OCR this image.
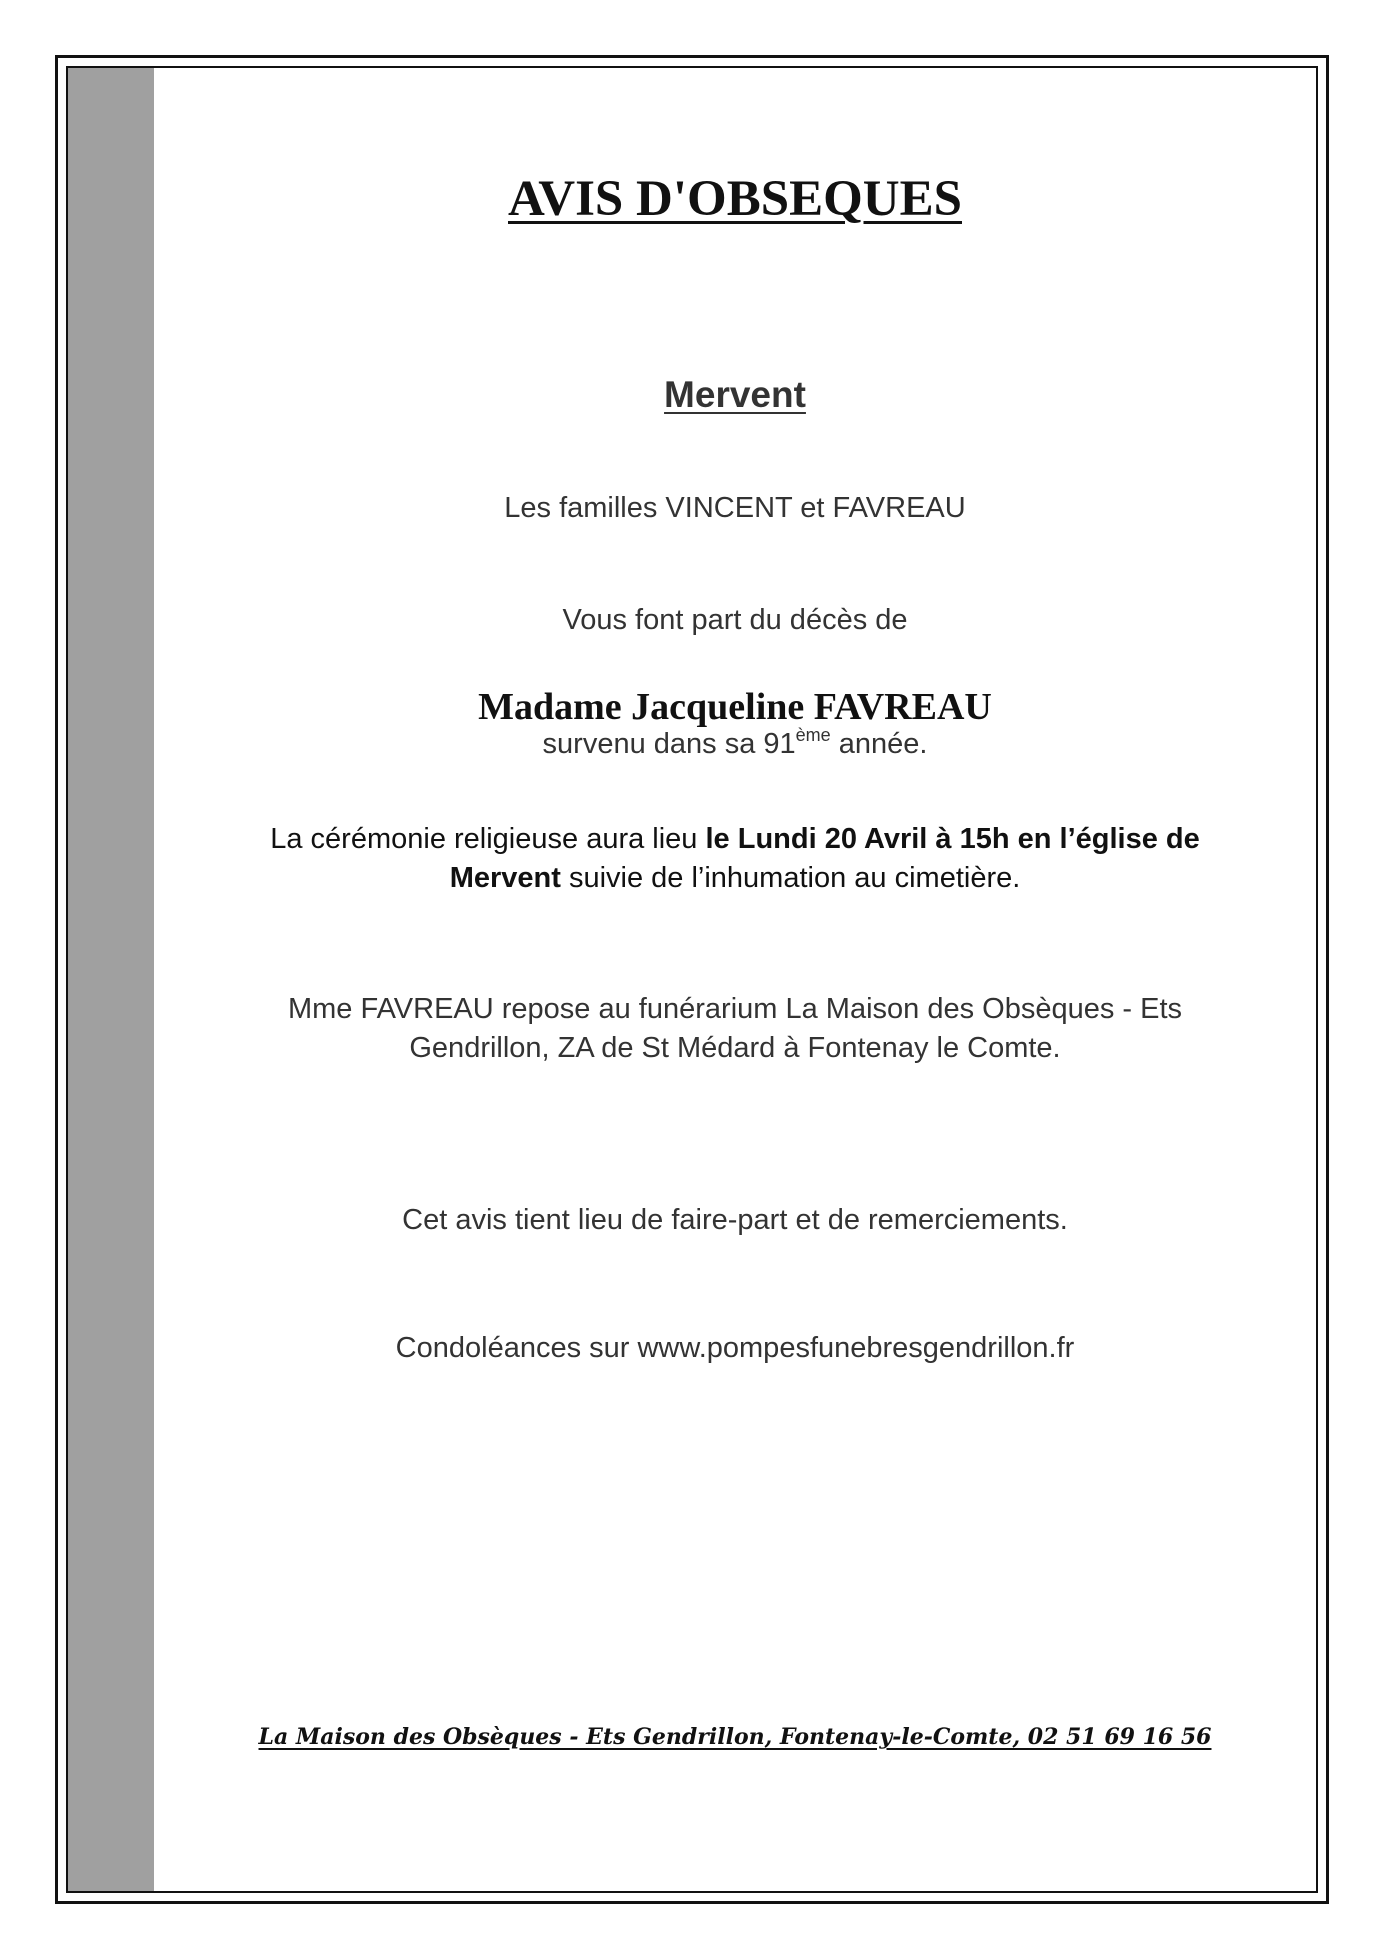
AVIS D'OBSEQUES
Mervent
Les familles VINCENT et FAVREAU
Vous font part du décès de
Madame Jacqueline FAVREAU
survenu dans sa 91ème année.
La cérémonie religieuse aura lieu le Lundi 20 Avril à 15h en l’église de
Mervent suivie de l’inhumation au cimetière.
Mme FAVREAU repose au funérarium La Maison des Obsèques - Ets
Gendrillon, ZA de St Médard à Fontenay le Comte.
Cet avis tient lieu de faire-part et de remerciements.
Condoléances sur www.pompesfunebresgendrillon.fr
La Maison des Obsèques - Ets Gendrillon, Fontenay-le-Comte, 02 51 69 16 56
